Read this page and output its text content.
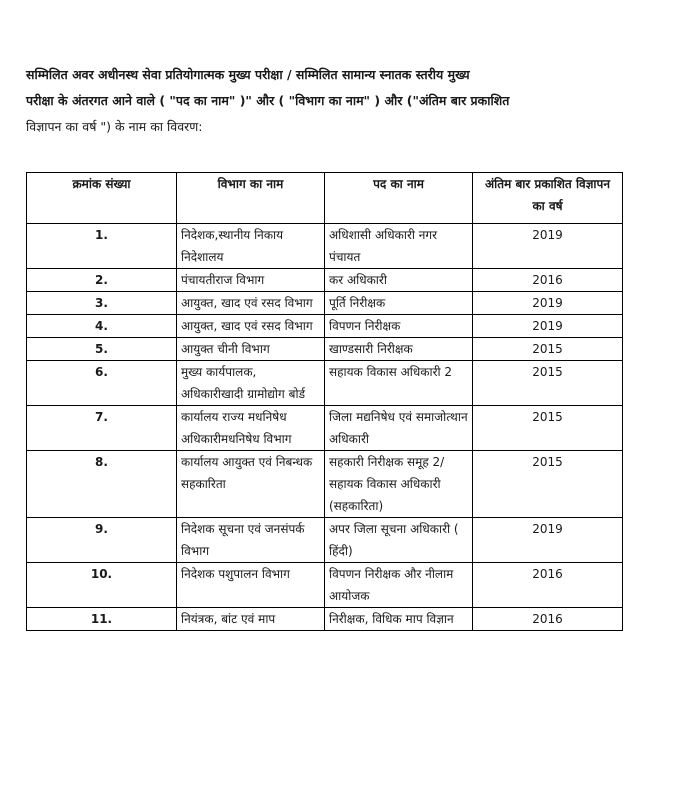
सम्मिलित अवर अधीनस्थ सेवा प्रतियोगात्मक मुख्य परीक्षा / सम्मिलित सामान्य स्नातक स्तरीय मुख्य
परीक्षा के अंतरगत आने वाले ( "पद का नाम" )" और ( "विभाग का नाम" ) और ("अंतिम बार प्रकाशित
विज्ञापन का वर्ष ") के नाम का विवरण:
क्रमांक संख्या	विभाग का नाम	पद का नाम	अंतिम बार प्रकाशित विज्ञापन का वर्ष
1.	निदेशक,स्थानीय निकाय निदेशालय	अधिशासी अधिकारी नगर पंचायत	2019
2.	पंचायतीराज विभाग	कर अधिकारी	2016
3.	आयुक्त, खाद एवं रसद विभाग	पूर्ति निरीक्षक	2019
4.	आयुक्त, खाद एवं रसद विभाग	विपणन निरीक्षक	2019
5.	आयुक्त चीनी विभाग	खाण्डसारी निरीक्षक	2015
6.	मुख्य कार्यपालक, अधिकारीखादी ग्रामोद्योग बोर्ड	सहायक विकास अधिकारी 2	2015
7.	कार्यालय राज्य मधनिषेध अधिकारीमधनिषेध विभाग	जिला मद्यनिषेध एवं समाजोत्थान अधिकारी	2015
8.	कार्यालय आयुक्त एवं निबन्धक सहकारिता	सहकारी निरीक्षक समूह 2/सहायक विकास अधिकारी (सहकारिता)	2015
9.	निदेशक सूचना एवं जनसंपर्क विभाग	अपर जिला सूचना अधिकारी ( हिंदी)	2019
10.	निदेशक पशुपालन विभाग	विपणन निरीक्षक और नीलाम आयोजक	2016
11.	नियंत्रक, बांट एवं माप	निरीक्षक, विधिक माप विज्ञान	2016
